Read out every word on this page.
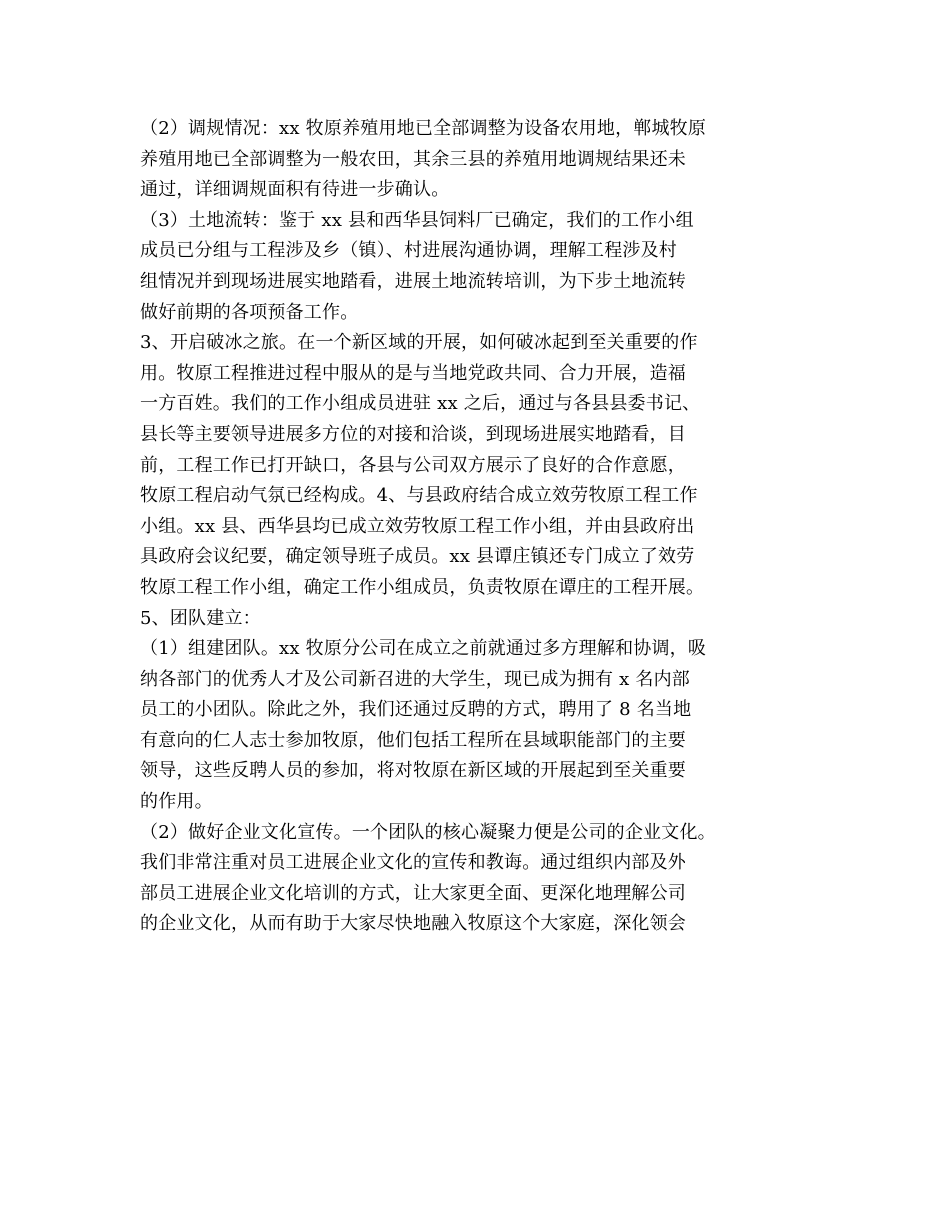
（2）调规情况：xx 牧原养殖用地已全部调整为设备农用地，郸城牧原
养殖用地已全部调整为一般农田，其余三县的养殖用地调规结果还未
通过，详细调规面积有待进一步确认。
（3）土地流转：鉴于 xx 县和西华县饲料厂已确定，我们的工作小组
成员已分组与工程涉及乡（镇）、村进展沟通协调，理解工程涉及村
组情况并到现场进展实地踏看，进展土地流转培训，为下步土地流转
做好前期的各项预备工作。
3、开启破冰之旅。在一个新区域的开展，如何破冰起到至关重要的作
用。牧原工程推进过程中服从的是与当地党政共同、合力开展，造福
一方百姓。我们的工作小组成员进驻 xx 之后，通过与各县县委书记、
县长等主要领导进展多方位的对接和洽谈，到现场进展实地踏看，目
前，工程工作已打开缺口，各县与公司双方展示了良好的合作意愿，
牧原工程启动气氛已经构成。4、与县政府结合成立效劳牧原工程工作
小组。xx 县、西华县均已成立效劳牧原工程工作小组，并由县政府出
具政府会议纪要，确定领导班子成员。xx 县谭庄镇还专门成立了效劳
牧原工程工作小组，确定工作小组成员，负责牧原在谭庄的工程开展。
5、团队建立：
（1）组建团队。xx 牧原分公司在成立之前就通过多方理解和协调，吸
纳各部门的优秀人才及公司新召进的大学生，现已成为拥有 x 名内部
员工的小团队。除此之外，我们还通过反聘的方式，聘用了 8 名当地
有意向的仁人志士参加牧原，他们包括工程所在县域职能部门的主要
领导，这些反聘人员的参加，将对牧原在新区域的开展起到至关重要
的作用。
（2）做好企业文化宣传。一个团队的核心凝聚力便是公司的企业文化。
我们非常注重对员工进展企业文化的宣传和教诲。通过组织内部及外
部员工进展企业文化培训的方式，让大家更全面、更深化地理解公司
的企业文化，从而有助于大家尽快地融入牧原这个大家庭，深化领会
